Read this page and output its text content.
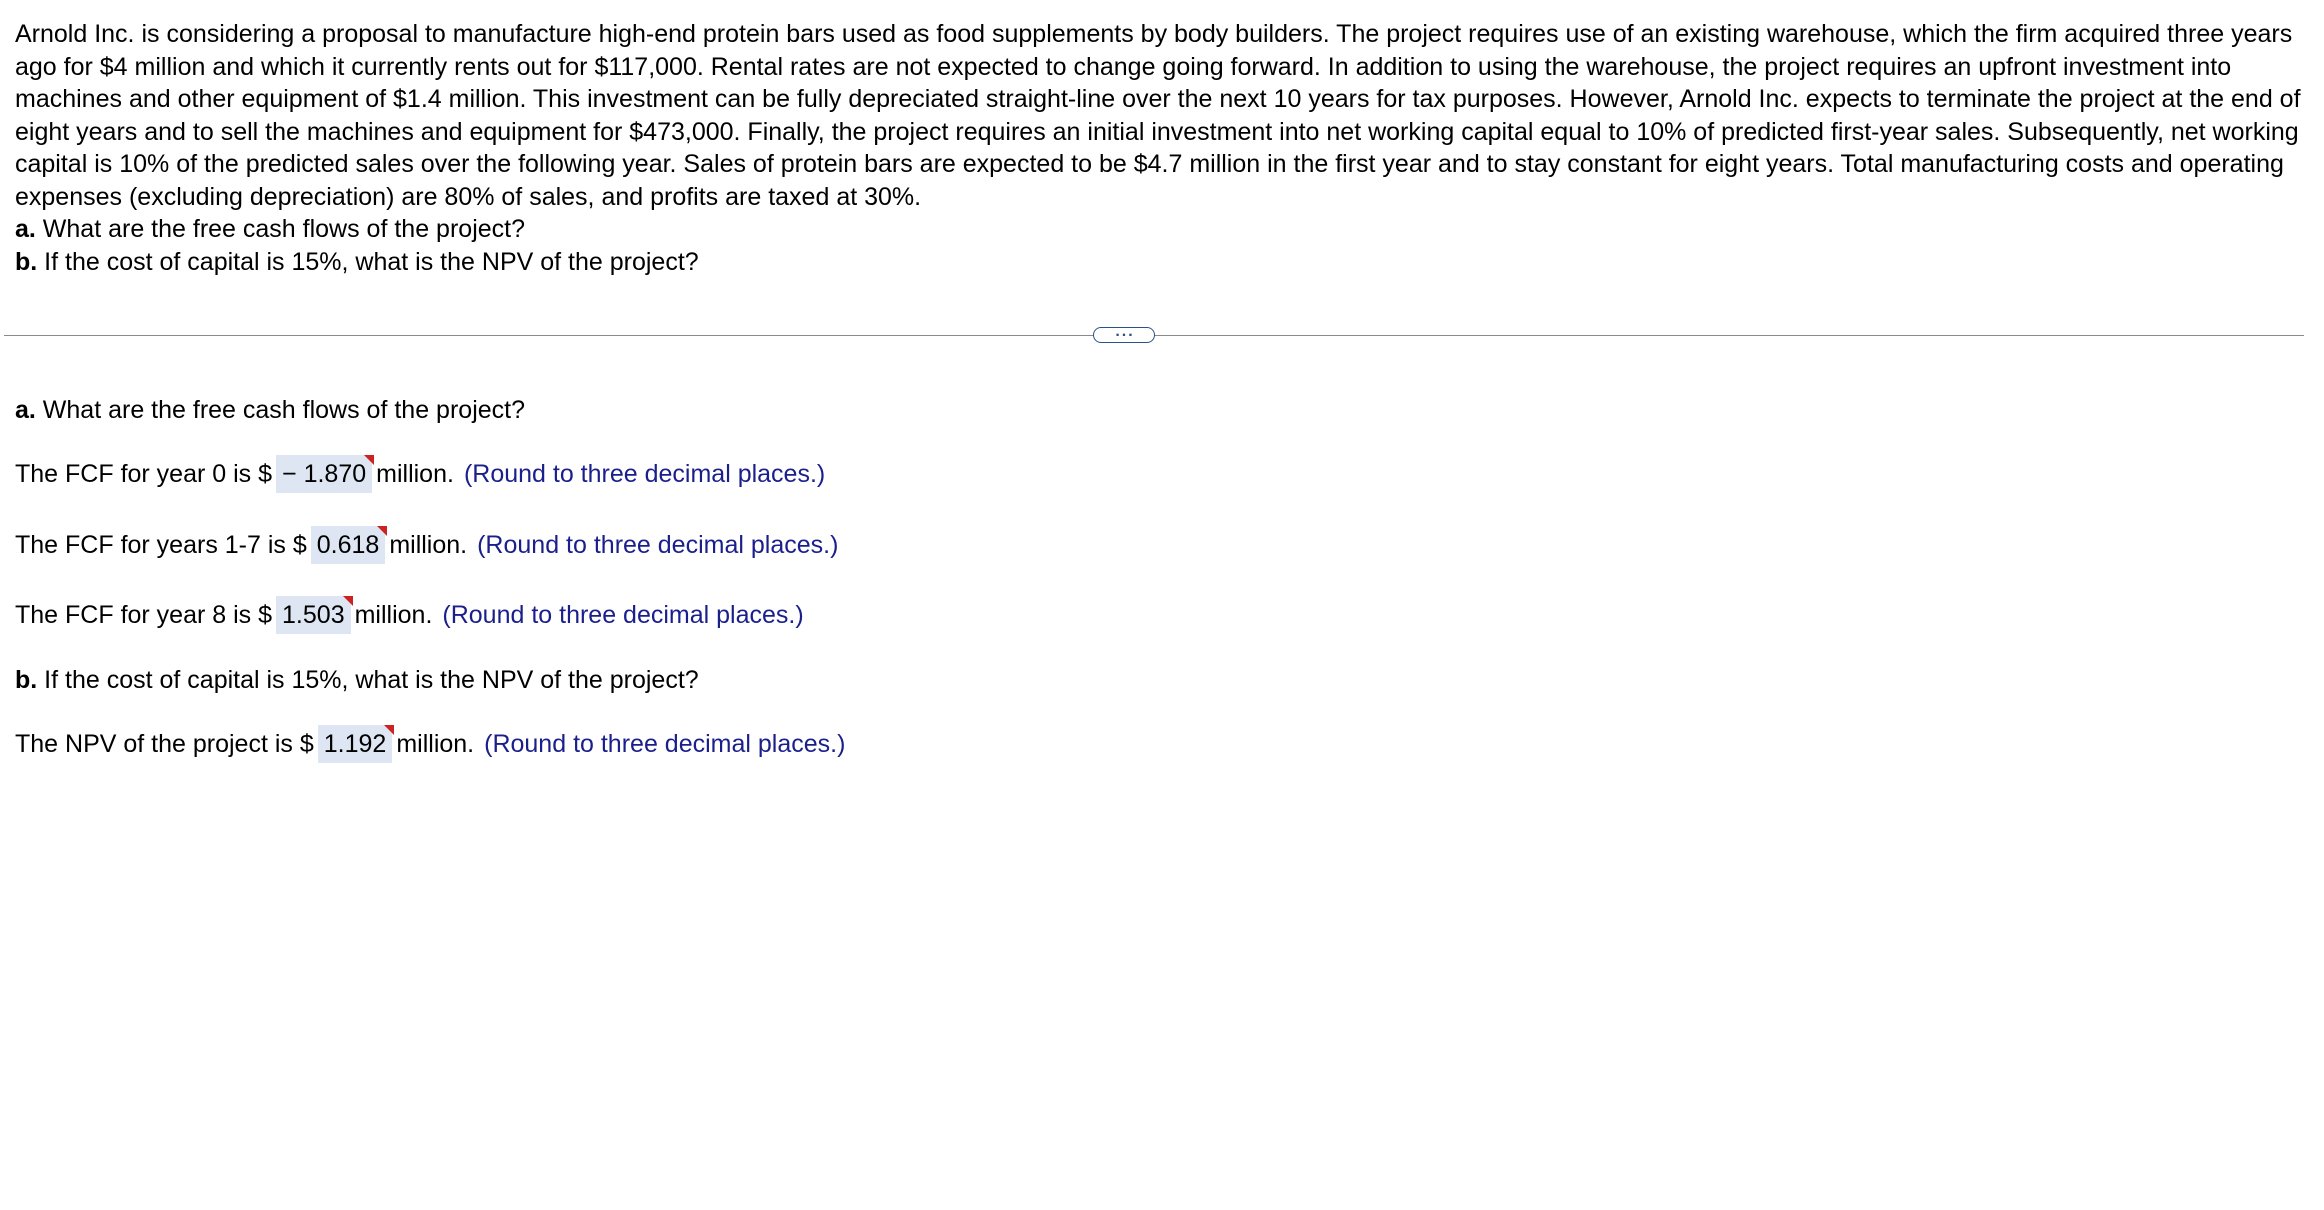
Arnold Inc. is considering a proposal to manufacture high-end protein bars used as food supplements by body builders. The project requires use of an existing warehouse, which the firm acquired three years ago for $4 million and which it currently rents out for $117,000. Rental rates are not expected to change going forward. In addition to using the warehouse, the project requires an upfront investment into machines and other equipment of $1.4 million. This investment can be fully depreciated straight-line over the next 10 years for tax purposes. However, Arnold Inc. expects to terminate the project at the end of eight years and to sell the machines and equipment for $473,000. Finally, the project requires an initial investment into net working capital equal to 10% of predicted first-year sales. Subsequently, net working capital is 10% of the predicted sales over the following year. Sales of protein bars are expected to be $4.7 million in the first year and to stay constant for eight years. Total manufacturing costs and operating expenses (excluding depreciation) are 80% of sales, and profits are taxed at 30%.

a. What are the free cash flows of the project?

b. If the cost of capital is 15%, what is the NPV of the project?

...
a. What are the free cash flows of the project?
The FCF for year 0 is $ − 1.870 million. (Round to three decimal places.)
The FCF for years 1-7 is $ 0.618 million. (Round to three decimal places.)
The FCF for year 8 is $ 1.503 million. (Round to three decimal places.)
b. If the cost of capital is 15%, what is the NPV of the project?
The NPV of the project is $ 1.192 million. (Round to three decimal places.)
